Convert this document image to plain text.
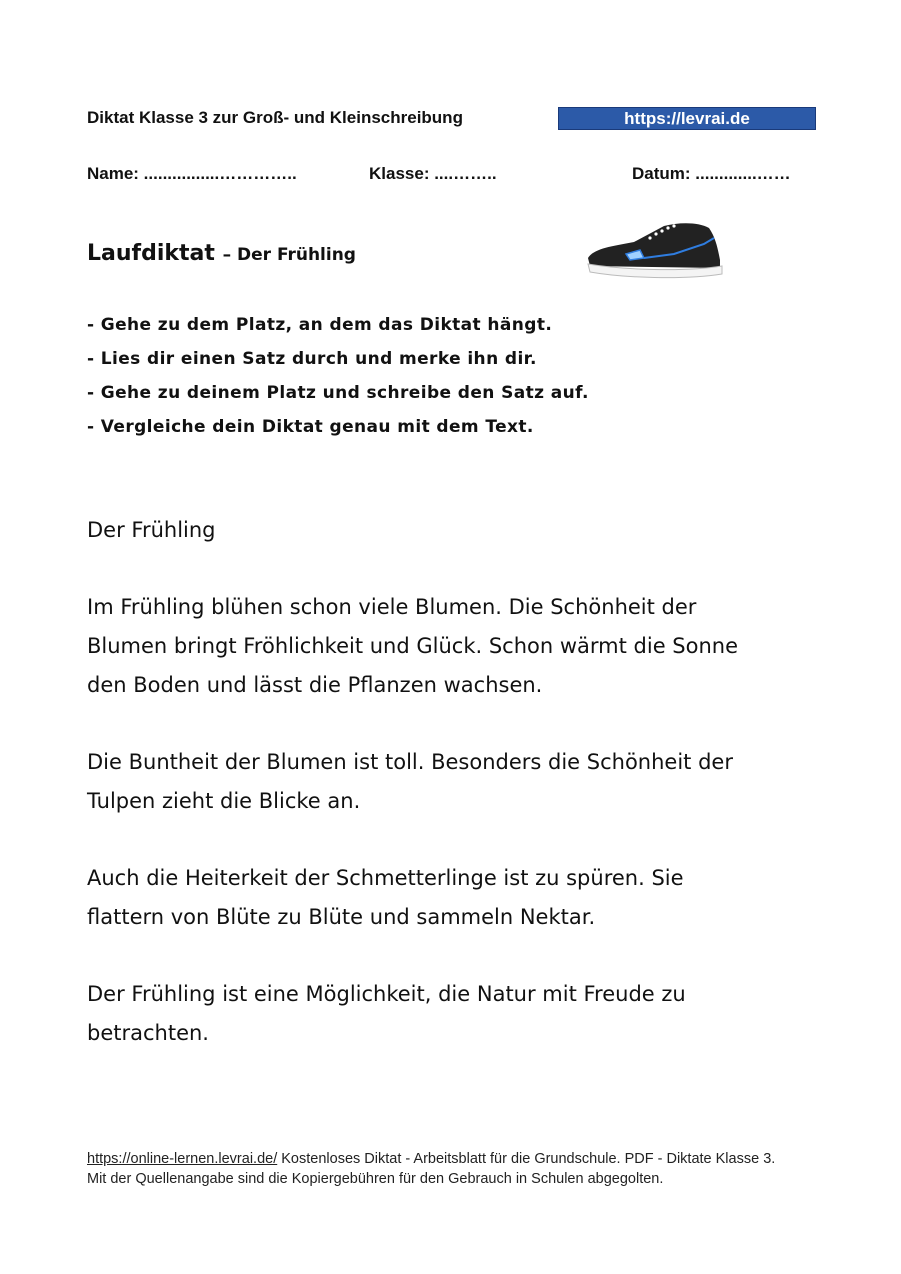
Diktat Klasse 3 zur Groß- und Kleinschreibung	https://levrai.de
Name: ................…………..	Klasse: ....……..	Datum: .............……
Laufdiktat – Der Frühling
- Gehe zu dem Platz, an dem das Diktat hängt.
- Lies dir einen Satz durch und merke ihn dir.
- Gehe zu deinem Platz und schreibe den Satz auf.
- Vergleiche dein Diktat genau mit dem Text.
Der Frühling
Im Frühling blühen schon viele Blumen. Die Schönheit der
Blumen bringt Fröhlichkeit und Glück. Schon wärmt die Sonne
den Boden und lässt die Pflanzen wachsen.
Die Buntheit der Blumen ist toll. Besonders die Schönheit der
Tulpen zieht die Blicke an.
Auch die Heiterkeit der Schmetterlinge ist zu spüren. Sie
flattern von Blüte zu Blüte und sammeln Nektar.
Der Frühling ist eine Möglichkeit, die Natur mit Freude zu
betrachten.
https://online-lernen.levrai.de/ Kostenloses Diktat - Arbeitsblatt für die Grundschule. PDF - Diktate Klasse 3.
Mit der Quellenangabe sind die Kopiergebühren für den Gebrauch in Schulen abgegolten.
